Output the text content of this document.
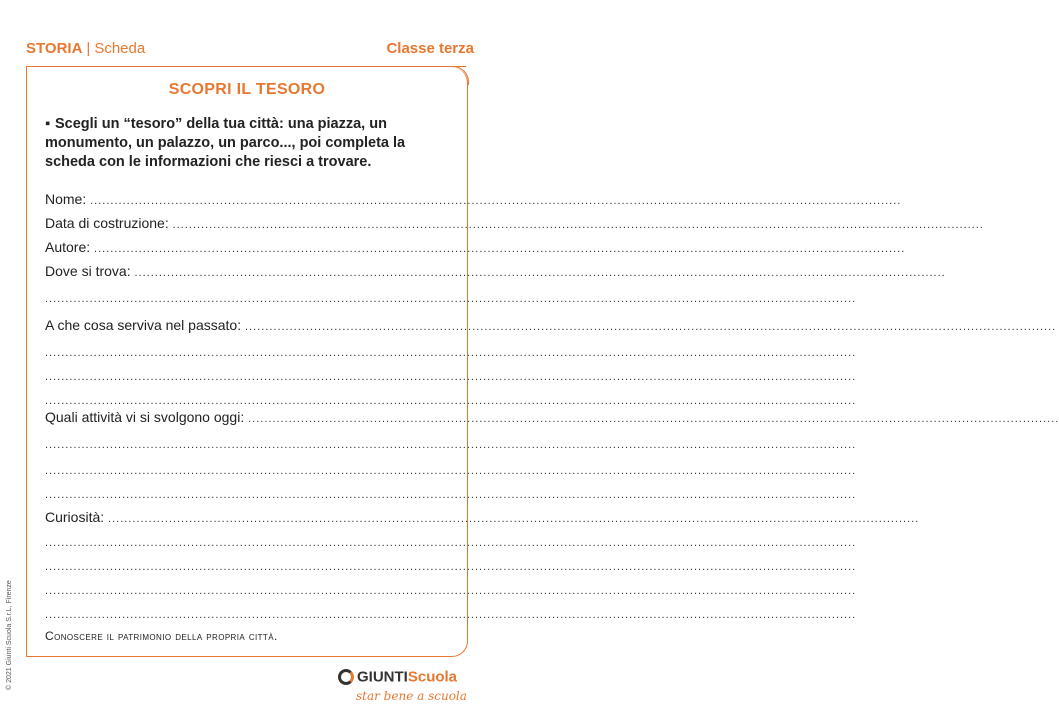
STORIA | Scheda	Classe terza
SCOPRI IL TESORO
▪ Scegli un “tesoro” della tua città: una piazza, un monumento, un palazzo, un parco..., poi completa la scheda con le informazioni che riesci a trovare.
Nome: ........................................................................................................................................................................................................
Data di costruzione: ........................................................................................................................................................................................................
Autore: ........................................................................................................................................................................................................
Dove si trova: ........................................................................................................................................................................................................
........................................................................................................................................................................................................
A che cosa serviva nel passato: ........................................................................................................................................................................................................
........................................................................................................................................................................................................
........................................................................................................................................................................................................
........................................................................................................................................................................................................
Quali attività vi si svolgono oggi: ........................................................................................................................................................................................................
........................................................................................................................................................................................................
........................................................................................................................................................................................................
........................................................................................................................................................................................................
Curiosità: ........................................................................................................................................................................................................
........................................................................................................................................................................................................
........................................................................................................................................................................................................
........................................................................................................................................................................................................
........................................................................................................................................................................................................
Conoscere il patrimonio della propria città.
© 2021 Giunti Scuola S.r.L, Firenze	GIUNTIScuola
star bene a scuola
